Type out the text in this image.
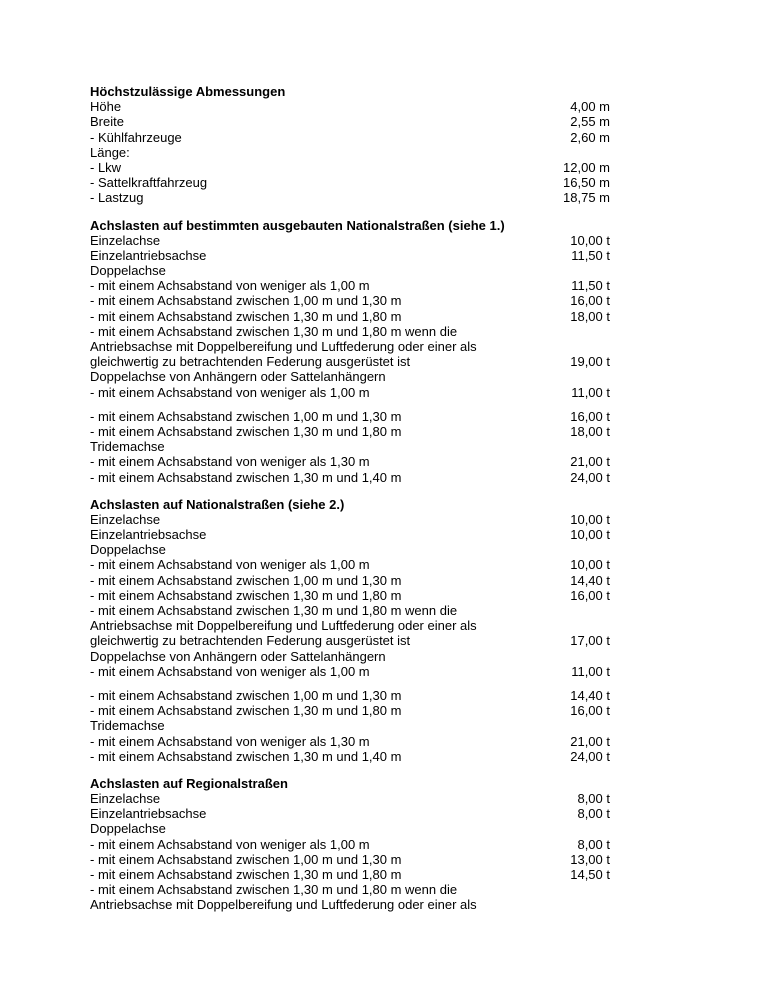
Höchstzulässige Abmessungen
Höhe	4,00 m
Breite	2,55 m
- Kühlfahrzeuge	2,60 m
Länge:
- Lkw	12,00 m
- Sattelkraftfahrzeug	16,50 m
- Lastzug	18,75 m
Achslasten auf bestimmten ausgebauten Nationalstraßen (siehe 1.)
Einzelachse	10,00 t
Einzelantriebsachse	11,50 t
Doppelachse
- mit einem Achsabstand von weniger als 1,00 m	11,50 t
- mit einem Achsabstand zwischen 1,00 m und 1,30 m	16,00 t
- mit einem Achsabstand zwischen 1,30 m und 1,80 m	18,00 t
- mit einem Achsabstand zwischen 1,30 m und 1,80 m wenn die
Antriebsachse mit Doppelbereifung und Luftfederung oder einer als
gleichwertig zu betrachtenden Federung ausgerüstet ist	19,00 t
Doppelachse von Anhängern oder Sattelanhängern
- mit einem Achsabstand von weniger als 1,00 m	11,00 t
- mit einem Achsabstand zwischen 1,00 m und 1,30 m	16,00 t
- mit einem Achsabstand zwischen 1,30 m und 1,80 m	18,00 t
Tridemachse
- mit einem Achsabstand von weniger als 1,30 m	21,00 t
- mit einem Achsabstand zwischen 1,30 m und 1,40 m	24,00 t
Achslasten auf Nationalstraßen (siehe 2.)
Einzelachse	10,00 t
Einzelantriebsachse	10,00 t
Doppelachse
- mit einem Achsabstand von weniger als 1,00 m	10,00 t
- mit einem Achsabstand zwischen 1,00 m und 1,30 m	14,40 t
- mit einem Achsabstand zwischen 1,30 m und 1,80 m	16,00 t
- mit einem Achsabstand zwischen 1,30 m und 1,80 m wenn die
Antriebsachse mit Doppelbereifung und Luftfederung oder einer als
gleichwertig zu betrachtenden Federung ausgerüstet ist	17,00 t
Doppelachse von Anhängern oder Sattelanhängern
- mit einem Achsabstand von weniger als 1,00 m	11,00 t
- mit einem Achsabstand zwischen 1,00 m und 1,30 m	14,40 t
- mit einem Achsabstand zwischen 1,30 m und 1,80 m	16,00 t
Tridemachse
- mit einem Achsabstand von weniger als 1,30 m	21,00 t
- mit einem Achsabstand zwischen 1,30 m und 1,40 m	24,00 t
Achslasten auf Regionalstraßen
Einzelachse	8,00 t
Einzelantriebsachse	8,00 t
Doppelachse
- mit einem Achsabstand von weniger als 1,00 m	8,00 t
- mit einem Achsabstand zwischen 1,00 m und 1,30 m	13,00 t
- mit einem Achsabstand zwischen 1,30 m und 1,80 m	14,50 t
- mit einem Achsabstand zwischen 1,30 m und 1,80 m wenn die
Antriebsachse mit Doppelbereifung und Luftfederung oder einer als
